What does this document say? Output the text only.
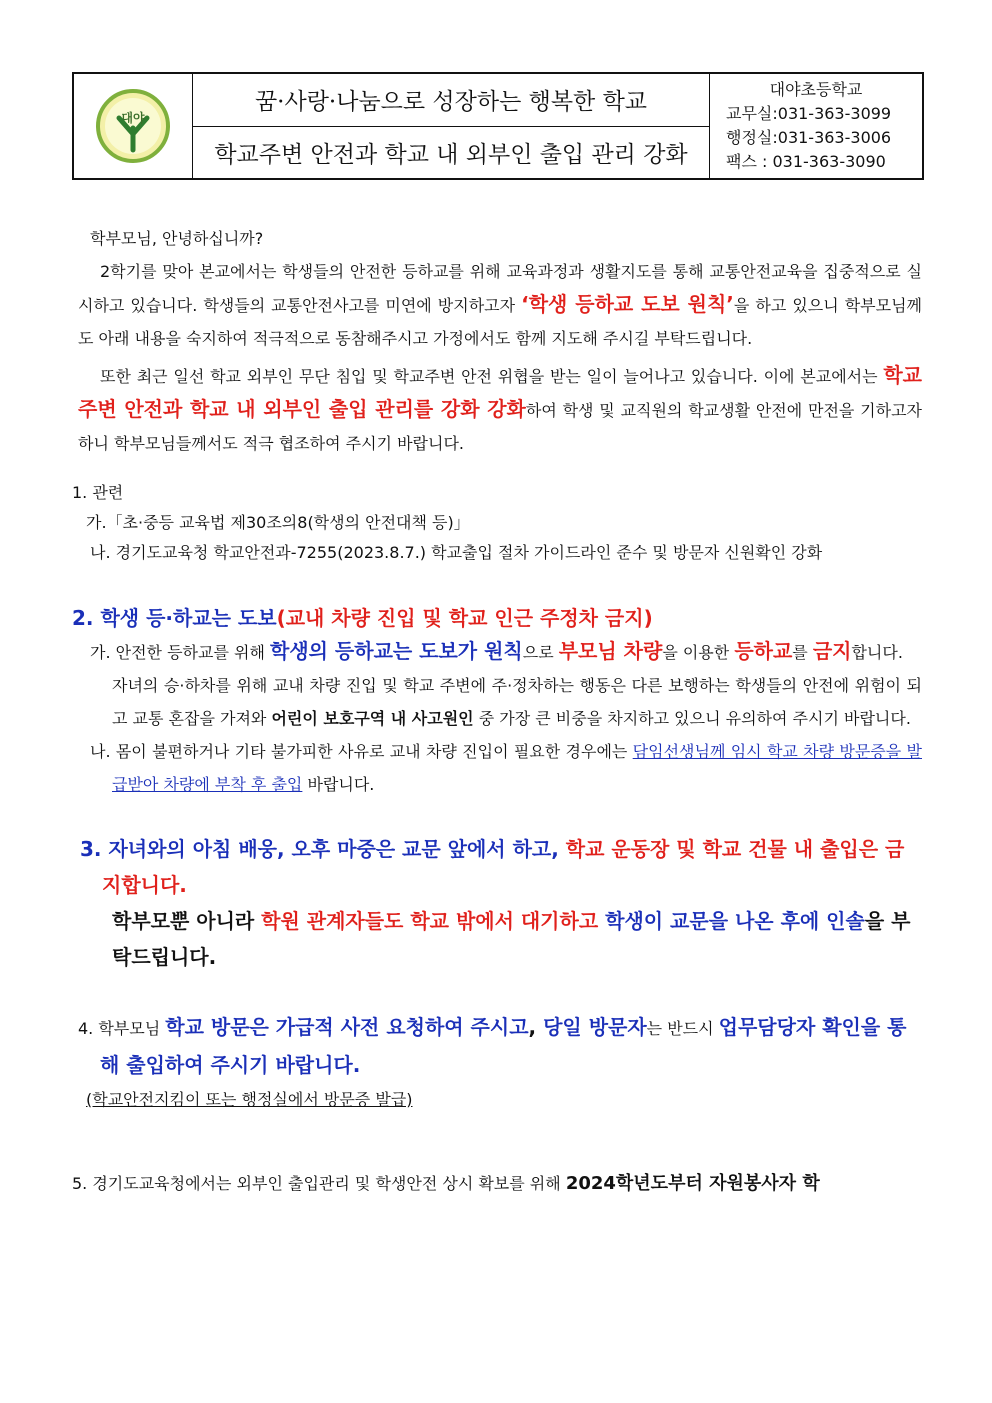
대야
꿈·사랑·나눔으로 성장하는 행복한 학교
학교주변 안전과 학교 내 외부인 출입 관리 강화
대야초등학교
교무실:031-363-3099
행정실:031-363-3006
팩스 : 031-363-3090
학부모님, 안녕하십니까?
2학기를 맞아 본교에서는 학생들의 안전한 등하교를 위해 교육과정과 생활지도를 통해 교통안전교육을 집중적으로 실시하고 있습니다. 학생들의 교통안전사고를 미연에 방지하고자 ‘학생 등하교 도보 원칙’을 하고 있으니 학부모님께도 아래 내용을 숙지하여 적극적으로 동참해주시고 가정에서도 함께 지도해 주시길 부탁드립니다.
또한 최근 일선 학교 외부인 무단 침입 및 학교주변 안전 위협을 받는 일이 늘어나고 있습니다. 이에 본교에서는 학교주변 안전과 학교 내 외부인 출입 관리를 강화 강화하여 학생 및 교직원의 학교생활 안전에 만전을 기하고자 하니 학부모님들께서도 적극 협조하여 주시기 바랍니다.
1. 관련
가.「초·중등 교육법 제30조의8(학생의 안전대책 등)」
나. 경기도교육청 학교안전과-7255(2023.8.7.) 학교출입 절차 가이드라인 준수 및 방문자 신원확인 강화
2. 학생 등·하교는 도보(교내 차량 진입 및 학교 인근 주정차 금지)
가. 안전한 등하교를 위해 학생의 등하교는 도보가 원칙으로 부모님 차량을 이용한 등하교를 금지합니다.
자녀의 승·하차를 위해 교내 차량 진입 및 학교 주변에 주·정차하는 행동은 다른 보행하는 학생들의 안전에 위험이 되고 교통 혼잡을 가져와 어린이 보호구역 내 사고원인 중 가장 큰 비중을 차지하고 있으니 유의하여 주시기 바랍니다.
나. 몸이 불편하거나 기타 불가피한 사유로 교내 차량 진입이 필요한 경우에는 담임선생님께 임시 학교 차량 방문증을 발급받아 차량에 부착 후 출입 바랍니다.
3. 자녀와의 아침 배웅, 오후 마중은 교문 앞에서 하고, 학교 운동장 및 학교 건물 내 출입은 금지합니다.
학부모뿐 아니라 학원 관계자들도 학교 밖에서 대기하고 학생이 교문을 나온 후에 인솔을 부탁드립니다.
4. 학부모님 학교 방문은 가급적 사전 요청하여 주시고, 당일 방문자는 반드시 업무담당자 확인을 통해 출입하여 주시기 바랍니다.
(학교안전지킴이 또는 행정실에서 방문증 발급)
5. 경기도교육청에서는 외부인 출입관리 및 학생안전 상시 확보를 위해 2024학년도부터 자원봉사자 학
